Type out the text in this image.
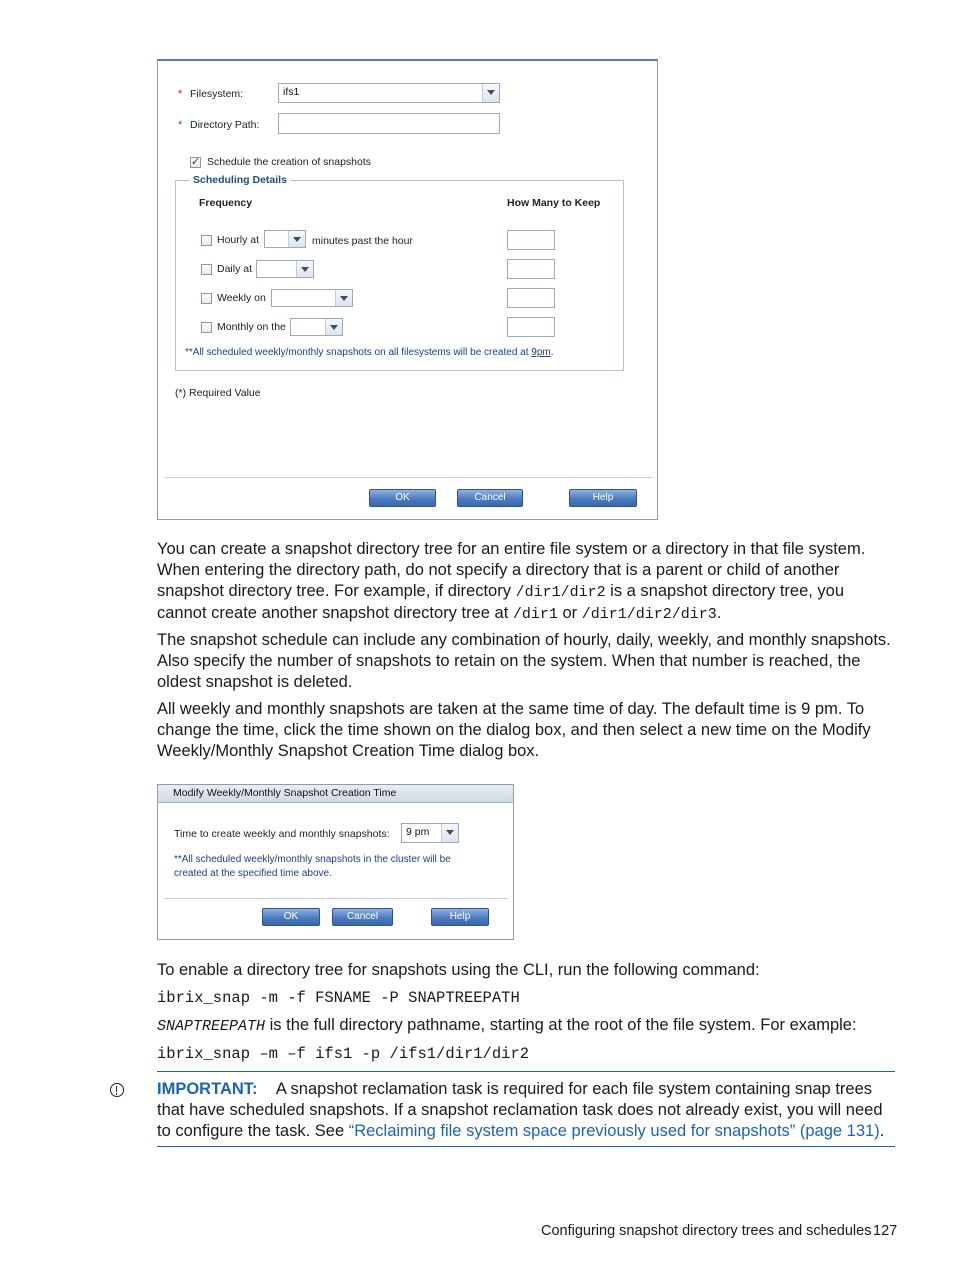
* Filesystem:	ifs1
* Directory Path:
✓
Schedule the creation of snapshots
Scheduling Details
Frequency	How Many to Keep
Hourly at	minutes past the hour
Daily at
Weekly on
Monthly on the
**All scheduled weekly/monthly snapshots on all filesystems will be created at 9pm.
(*) Required Value
OK	Cancel	Help
You can create a snapshot directory tree for an entire file system or a directory in that file system. When entering the directory path, do not specify a directory that is a parent or child of another snapshot directory tree. For example, if directory /dir1/dir2 is a snapshot directory tree, you cannot create another snapshot directory tree at /dir1 or /dir1/dir2/dir3.
The snapshot schedule can include any combination of hourly, daily, weekly, and monthly snapshots. Also specify the number of snapshots to retain on the system. When that number is reached, the oldest snapshot is deleted.
All weekly and monthly snapshots are taken at the same time of day. The default time is 9 pm. To change the time, click the time shown on the dialog box, and then select a new time on the Modify Weekly/Monthly Snapshot Creation Time dialog box.
Modify Weekly/Monthly Snapshot Creation Time
Time to create weekly and monthly snapshots: 9 pm
**All scheduled weekly/monthly snapshots in the cluster will be
created at the specified time above.
OK	Cancel	Help
To enable a directory tree for snapshots using the CLI, run the following command:
ibrix_snap -m -f FSNAME -P SNAPTREEPATH
SNAPTREEPATH is the full directory pathname, starting at the root of the file system. For example:
ibrix_snap –m –f ifs1 -p /ifs1/dir1/dir2
IMPORTANT: A snapshot reclamation task is required for each file system containing snap trees that have scheduled snapshots. If a snapshot reclamation task does not already exist, you will need to configure the task. See “Reclaiming file system space previously used for snapshots” (page 131).
Configuring snapshot directory trees and schedules 127
